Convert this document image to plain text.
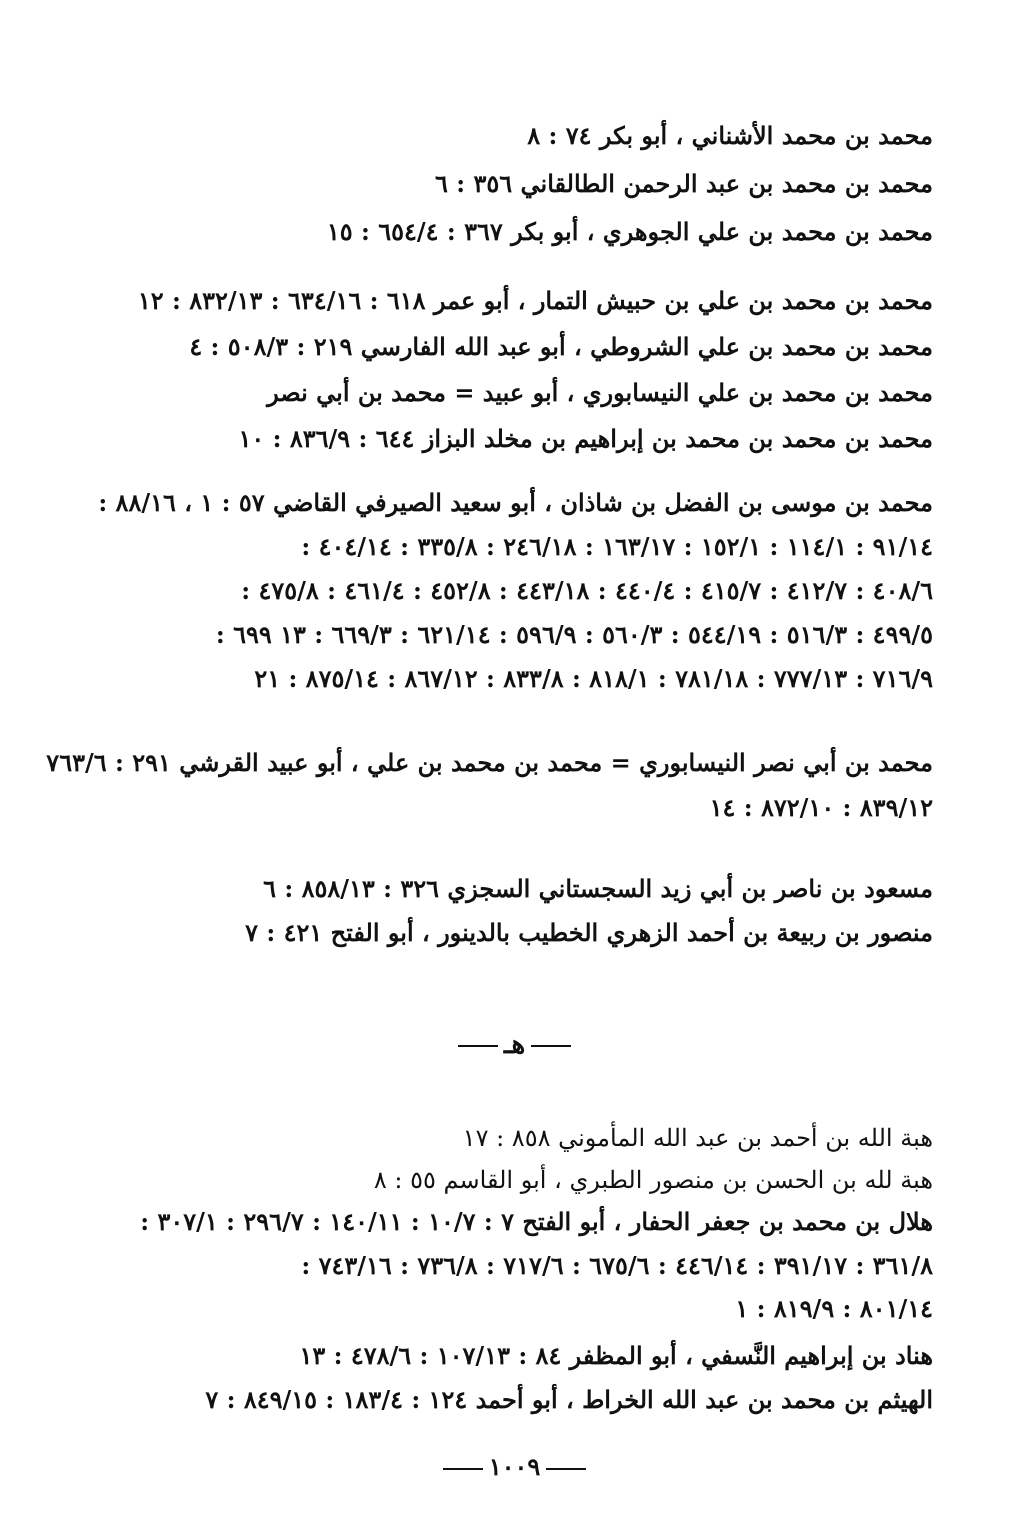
محمد بن محمد الأشناني ، أبو بكر ٧٤ : ٨
محمد بن محمد بن عبد الرحمن الطالقاني ٣٥٦ : ٦
محمد بن محمد بن علي الجوهري ، أبو بكر ٣٦٧ : ٦٥٤/٤ : ١٥
محمد بن محمد بن علي بن حبيش التمار ، أبو عمر ٦١٨ : ٦٣٤/١٦ : ٨٣٢/١٣ : ١٢
محمد بن محمد بن علي الشروطي ، أبو عبد الله الفارسي ٢١٩ : ٥٠٨/٣ : ٤
محمد بن محمد بن علي النيسابوري ، أبو عبيد = محمد بن أبي نصر
محمد بن محمد بن محمد بن إبراهيم بن مخلد البزاز ٦٤٤ : ٨٣٦/٩ : ١٠
محمد بن موسى بن الفضل بن شاذان ، أبو سعيد الصيرفي القاضي ٥٧ : ١ ، ٨٨/١٦ :
٩١/١٤ : ١١٤/١ : ١٥٢/١ : ١٦٣/١٧ : ٢٤٦/١٨ : ٣٣٥/٨ : ٤٠٤/١٤ :
٤٠٨/٦ : ٤١٢/٧ : ٤١٥/٧ : ٤٤٠/٤ : ٤٤٣/١٨ : ٤٥٢/٨ : ٤٦١/٤ : ٤٧٥/٨ :
٤٩٩/٥ : ٥١٦/٣ : ٥٤٤/١٩ : ٥٦٠/٣ : ٥٩٦/٩ : ٦٢١/١٤ : ٦٦٩/٣ : ١٣ ٦٩٩ :
٧١٦/٩ : ٧٧٧/١٣ : ٧٨١/١٨ : ٨١٨/١ : ٨٣٣/٨ : ٨٦٧/١٢ : ٨٧٥/١٤ : ٢١
محمد بن أبي نصر النيسابوري = محمد بن محمد بن علي ، أبو عبيد القرشي ٢٩١ : ٧٦٣/٦
٨٣٩/١٢ : ٨٧٢/١٠ : ١٤
مسعود بن ناصر بن أبي زيد السجستاني السجزي ٣٢٦ : ٨٥٨/١٣ : ٦
منصور بن ربيعة بن أحمد الزهري الخطيب بالدينور ، أبو الفتح ٤٢١ : ٧
هـ
هبة الله بن أحمد بن عبد الله المأموني ٨٥٨ : ١٧
هبة لله بن الحسن بن منصور الطبري ، أبو القاسم ٥٥ : ٨
هلال بن محمد بن جعفر الحفار ، أبو الفتح ٧ : ١٠/٧ : ١٤٠/١١ : ٢٩٦/٧ : ٣٠٧/١ :
٣٦١/٨ : ٣٩١/١٧ : ٤٤٦/١٤ : ٦٧٥/٦ : ٧١٧/٦ : ٧٣٦/٨ : ٧٤٣/١٦ :
٨٠١/١٤ : ٨١٩/٩ : ١
هناد بن إبراهيم النَّسفي ، أبو المظفر ٨٤ : ١٠٧/١٣ : ٤٧٨/٦ : ١٣
الهيثم بن محمد بن عبد الله الخراط ، أبو أحمد ١٢٤ : ١٨٣/٤ : ٨٤٩/١٥ : ٧
١٠٠٩
